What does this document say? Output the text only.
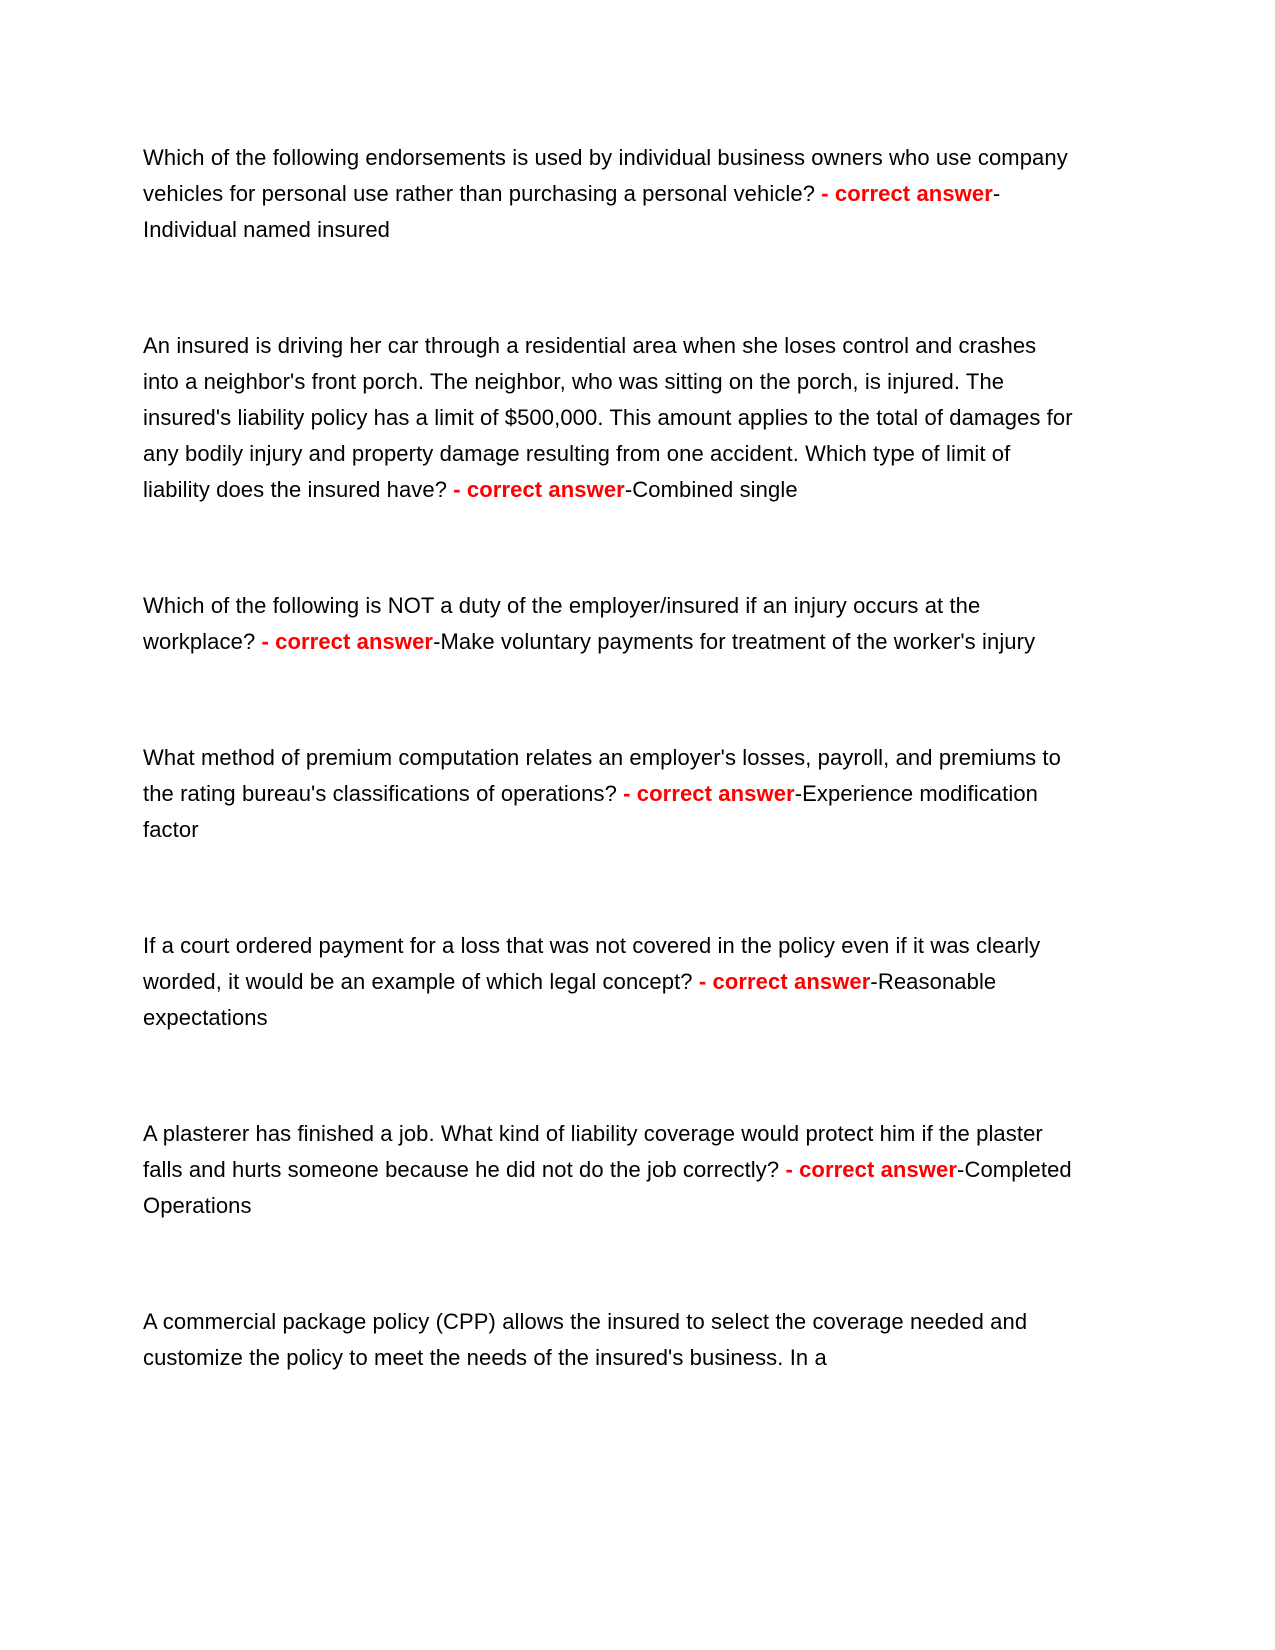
Which of the following endorsements is used by individual business owners who use company vehicles for personal use rather than purchasing a personal vehicle? - correct answer-Individual named insured

An insured is driving her car through a residential area when she loses control and crashes into a neighbor's front porch. The neighbor, who was sitting on the porch, is injured. The insured's liability policy has a limit of $500,000. This amount applies to the total of damages for any bodily injury and property damage resulting from one accident. Which type of limit of liability does the insured have? - correct answer-Combined single

Which of the following is NOT a duty of the employer/insured if an injury occurs at the workplace? - correct answer-Make voluntary payments for treatment of the worker's injury

What method of premium computation relates an employer's losses, payroll, and premiums to the rating bureau's classifications of operations? - correct answer-Experience modification factor

If a court ordered payment for a loss that was not covered in the policy even if it was clearly worded, it would be an example of which legal concept? - correct answer-Reasonable expectations

A plasterer has finished a job. What kind of liability coverage would protect him if the plaster falls and hurts someone because he did not do the job correctly? - correct answer-Completed Operations

A commercial package policy (CPP) allows the insured to select the coverage needed and customize the policy to meet the needs of the insured's business. In a
